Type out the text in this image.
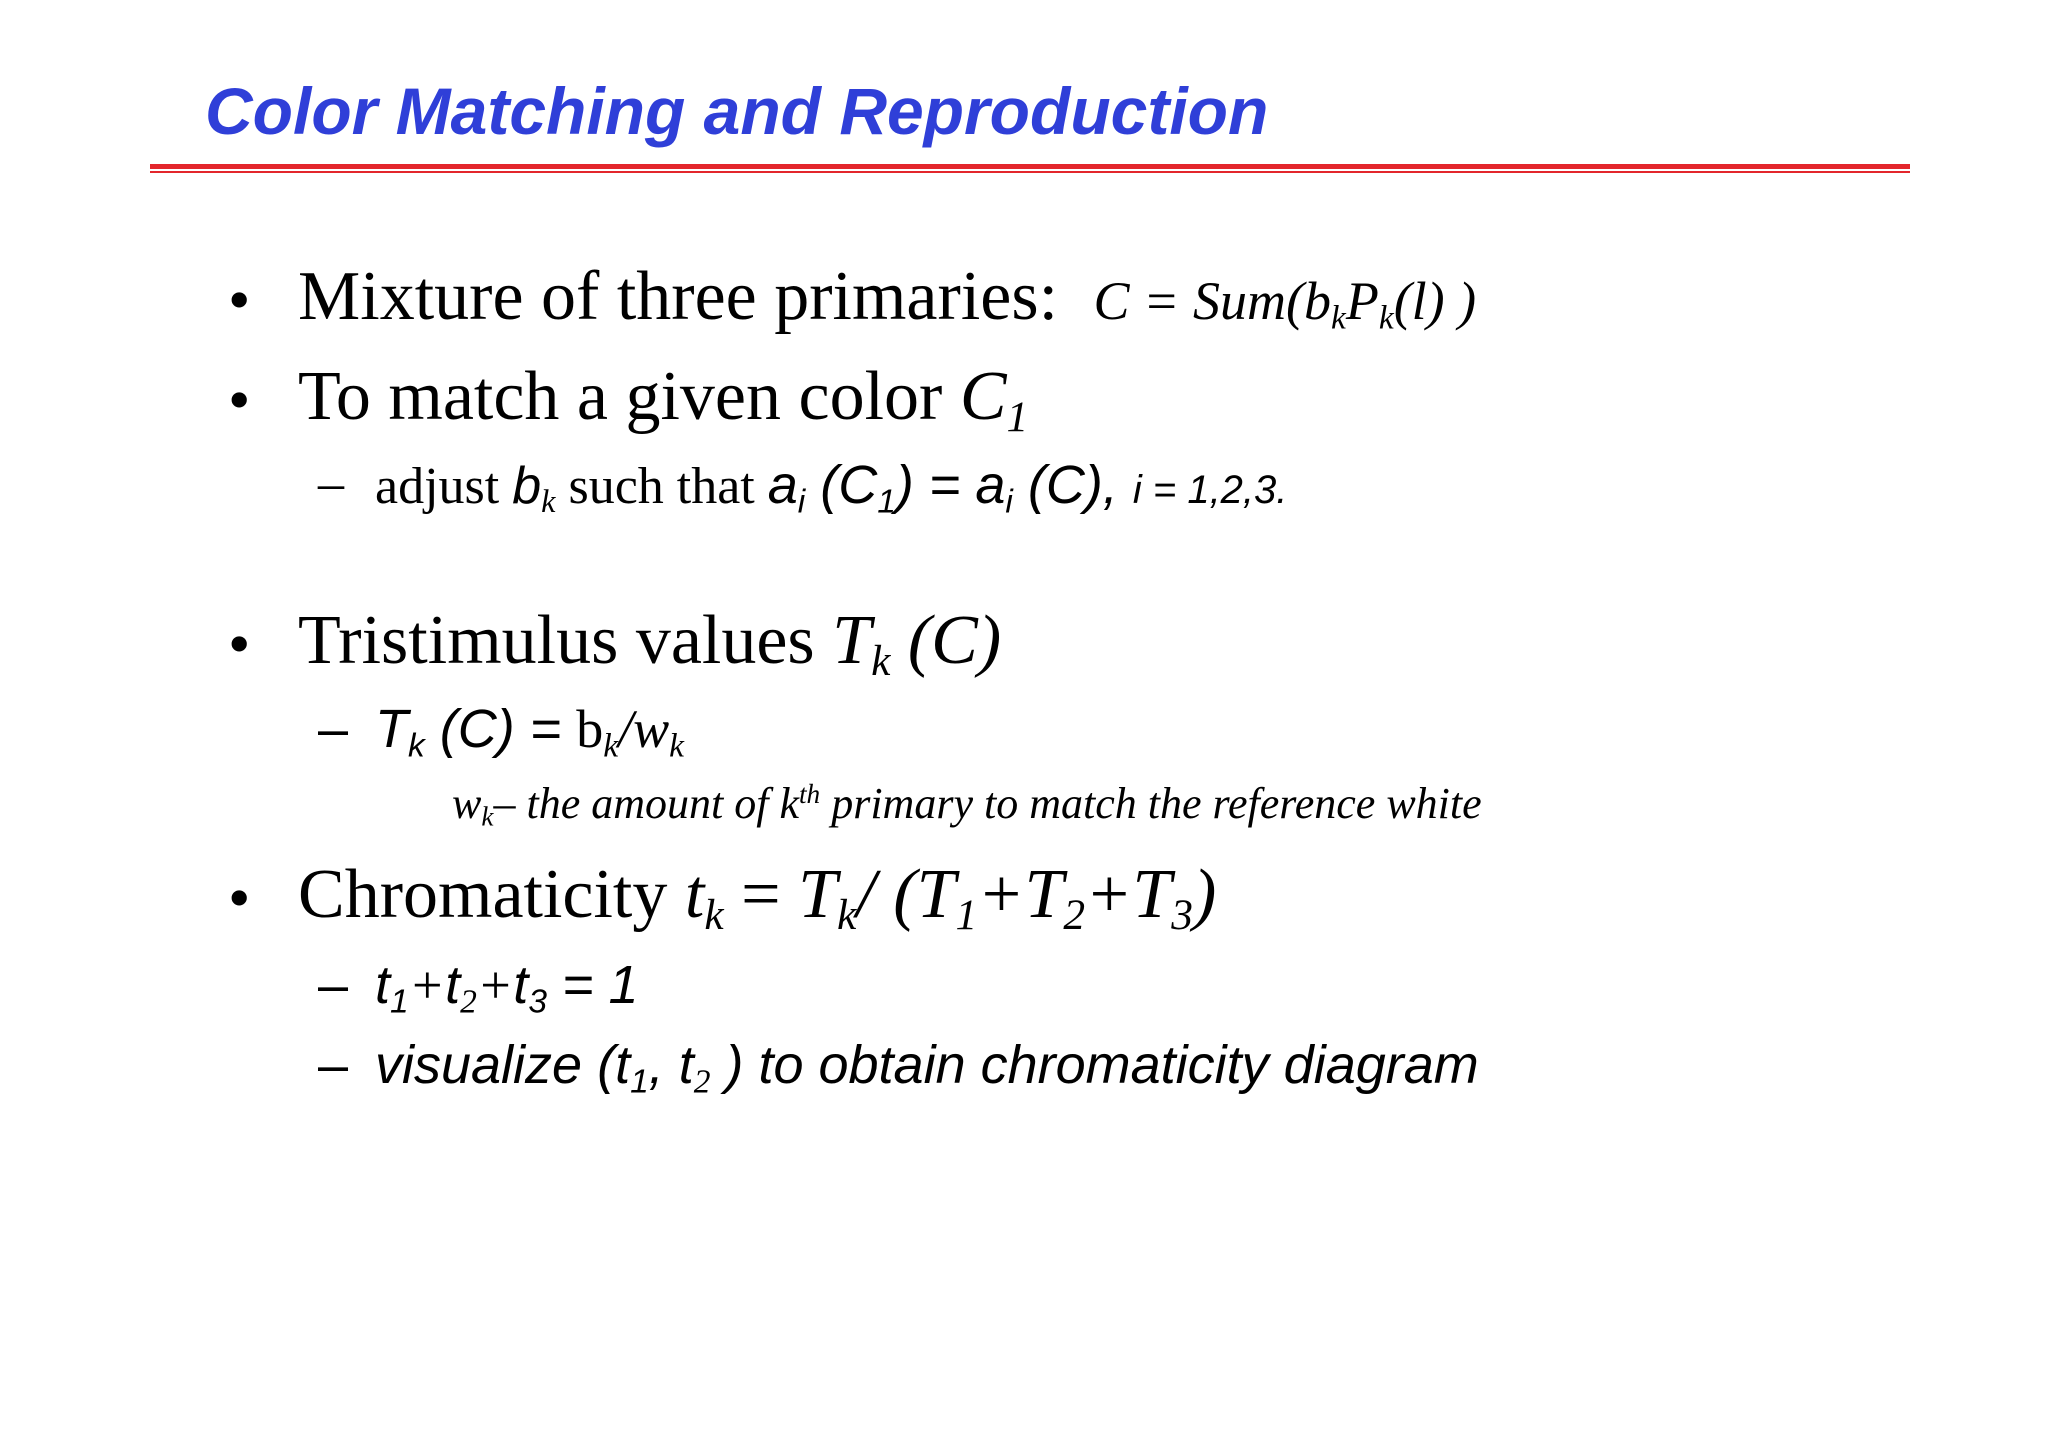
Color Matching and Reproduction
• Mixture of three primaries: $C = Sum(b_kP_k(l)$ )
• To match a given color $C_1$
– adjust $b_k$ such that $a_i$ $(C_1) = a_i$ (C), i = 1,2,3.
• Tristimulus values $T_k$ (C)
– $T_k$ $(C) = b_k/w_k$
$w_k-$ the amount of $k^{th}$ primary to match the reference white
• Chromaticity $t_k = T_k/$ $(T_1+T_2+T_3)$
– $t_1+t_2+t_3 = 1$
– visualize ($t_1$, $t_2$ ) to obtain chromaticity diagram
